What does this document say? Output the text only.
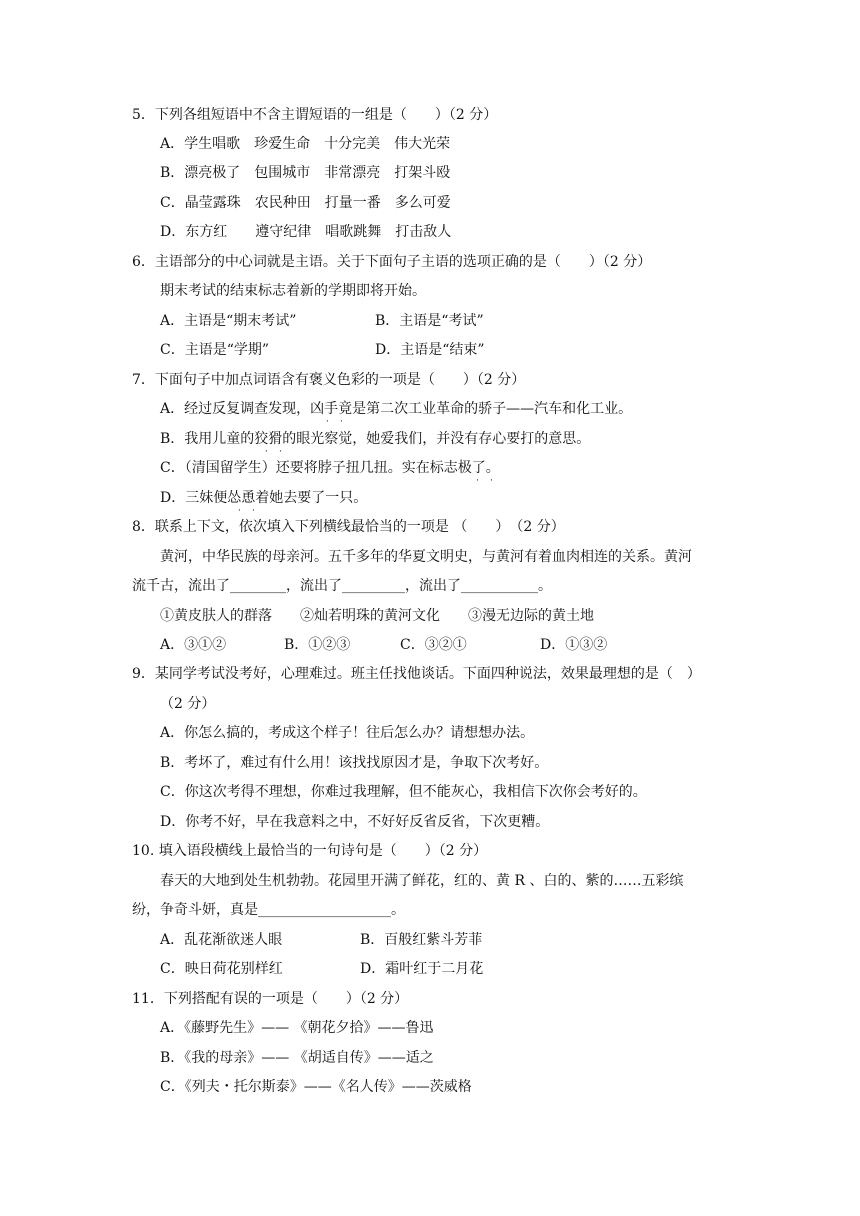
5．下列各组短语中不含主谓短语的一组是（　　）（2 分）
A．学生唱歌　珍爱生命　十分完美　伟大光荣
B．漂亮极了　包围城市　非常漂亮　打架斗殴
C．晶莹露珠　农民种田　打量一番　多么可爱
D．东方红　　遵守纪律　唱歌跳舞　打击敌人
6．主语部分的中心词就是主语。关于下面句子主语的选项正确的是（　　）（2 分）
期末考试的结束标志着新的学期即将开始。
A．主语是“期末考试”	B．主语是“考试”
C．主语是“学期”	D．主语是“结束”
7．下面句子中加点词语含有褒义色彩的一项是（　　）（2 分）
A．经过反复调查发现，凶手竟是第二次工业革命的骄子——汽车和化工业。
· ·
B．我用儿童的狡猾的眼光察觉，她爱我们，并没有存心要打的意思。
· ·
C．（清国留学生）还要将脖子扭几扭。实在标志极了。
· ·
D．三妹便怂恿着她去要了一只。
· ·
8．联系上下文，依次填入下列横线最恰当的一项是 （　　）　（2 分）
黄河，中华民族的母亲河。五千多年的华夏文明史，与黄河有着血肉相连的关系。黄河
流千古，流出了________，流出了_________，流出了___________。
①黄皮肤人的群落　　②灿若明珠的黄河文化　　③漫无边际的黄土地
A．③①②	B．①②③	C．③②①	D．①③②
9．某同学考试没考好，心理难过。班主任找他谈话。下面四种说法，效果最理想的是（　）
（2 分）
A．你怎么搞的，考成这个样子！往后怎么办？请想想办法。
B．考坏了，难过有什么用！该找找原因才是，争取下次考好。
C．你这次考得不理想，你难过我理解，但不能灰心，我相信下次你会考好的。
D．你考不好，早在我意料之中，不好好反省反省，下次更糟。
10. 填入语段横线上最恰当的一句诗句是（　　）（2 分）
春天的大地到处生机勃勃。花园里开满了鲜花，红的、黄 R 、白的、紫的……五彩缤
纷，争奇斗妍，真是___________________。
A．乱花渐欲迷人眼	B．百般红紫斗芳菲
C．映日荷花别样红	D．霜叶红于二月花
11．下列搭配有误的一项是（　　）（2 分）
A．《藤野先生》—— 《朝花夕拾》——鲁迅
B．《我的母亲》—— 《胡适自传》——适之
C．《列夫・托尔斯泰》——《名人传》——茨威格
